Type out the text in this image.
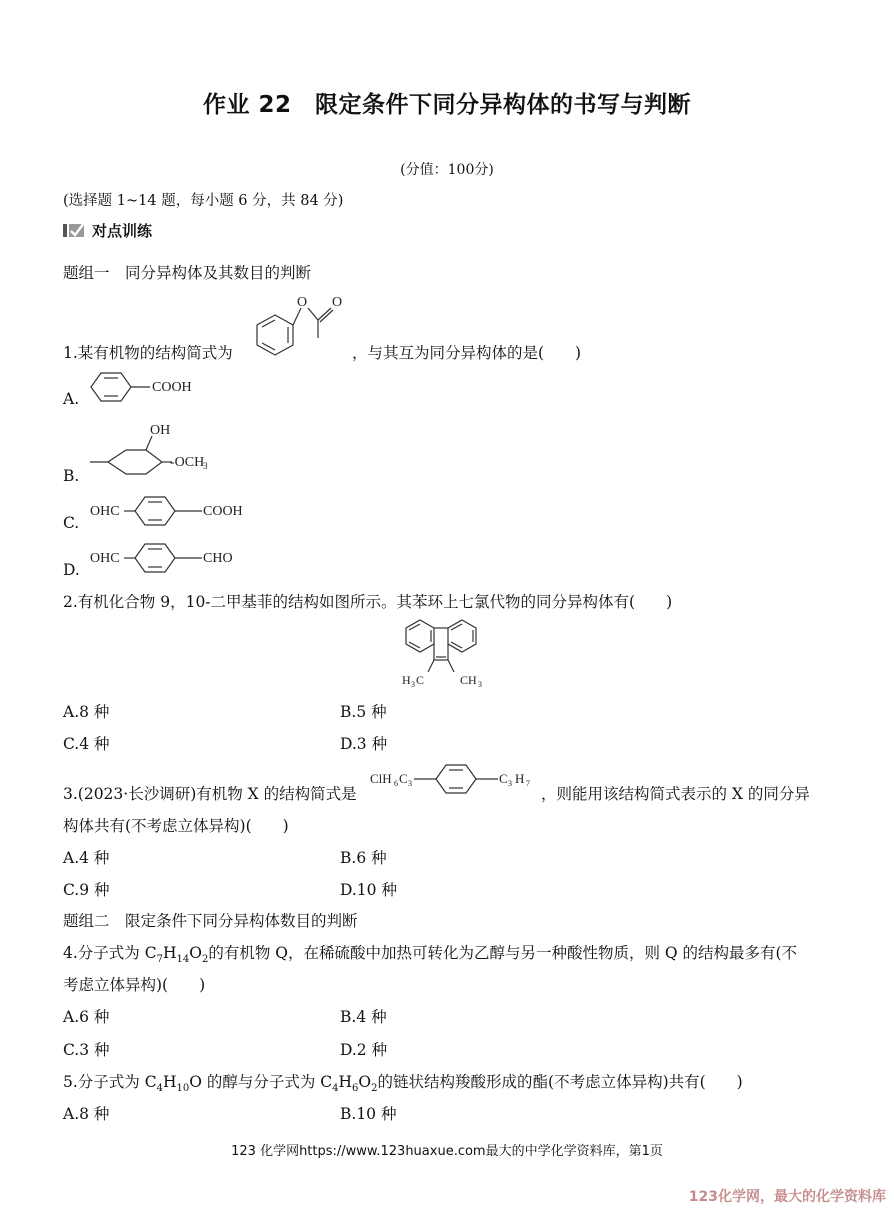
作业 22　限定条件下同分异构体的书写与判断
(分值：100分)
(选择题 1~14 题，每小题 6 分，共 84 分)
对点训练
题组一　同分异构体及其数目的判断
1.某有机物的结构简式为
O O
，与其互为同分异构体的是(　　)
A.
COOH
B.
OH
-OCH
3
C.
OHC	COOH
D.
OHC	CHO
2.有机化合物 9，10-二甲基菲的结构如图所示。其苯环上七氯代物的同分异构体有(　　)
H 3 C	CH 3
A.8 种	B.5 种
C.4 种	D.3 种
3.(2023·长沙调研)有机物 X 的结构简式是
ClH 6 C 3	C 3 H 7
，则能用该结构简式表示的 X 的同分异
构体共有(不考虑立体异构)(　　)
A.4 种	B.6 种
C.9 种	D.10 种
题组二　限定条件下同分异构体数目的判断
4.分子式为 $C_7H_{14}O_2$的有机物 Q，在稀硫酸中加热可转化为乙醇与另一种酸性物质，则 Q 的结构最多有(不
考虑立体异构)(　　)
A.6 种	B.4 种
C.3 种	D.2 种
5.分子式为 $C_4H_{10}O$ 的醇与分子式为 $C_4H_6O_2$的链状结构羧酸形成的酯(不考虑立体异构)共有(　　)
A.8 种	B.10 种
123 化学网https://www.123huaxue.com最大的中学化学资料库，第1页
123化学网，最大的化学资料库
